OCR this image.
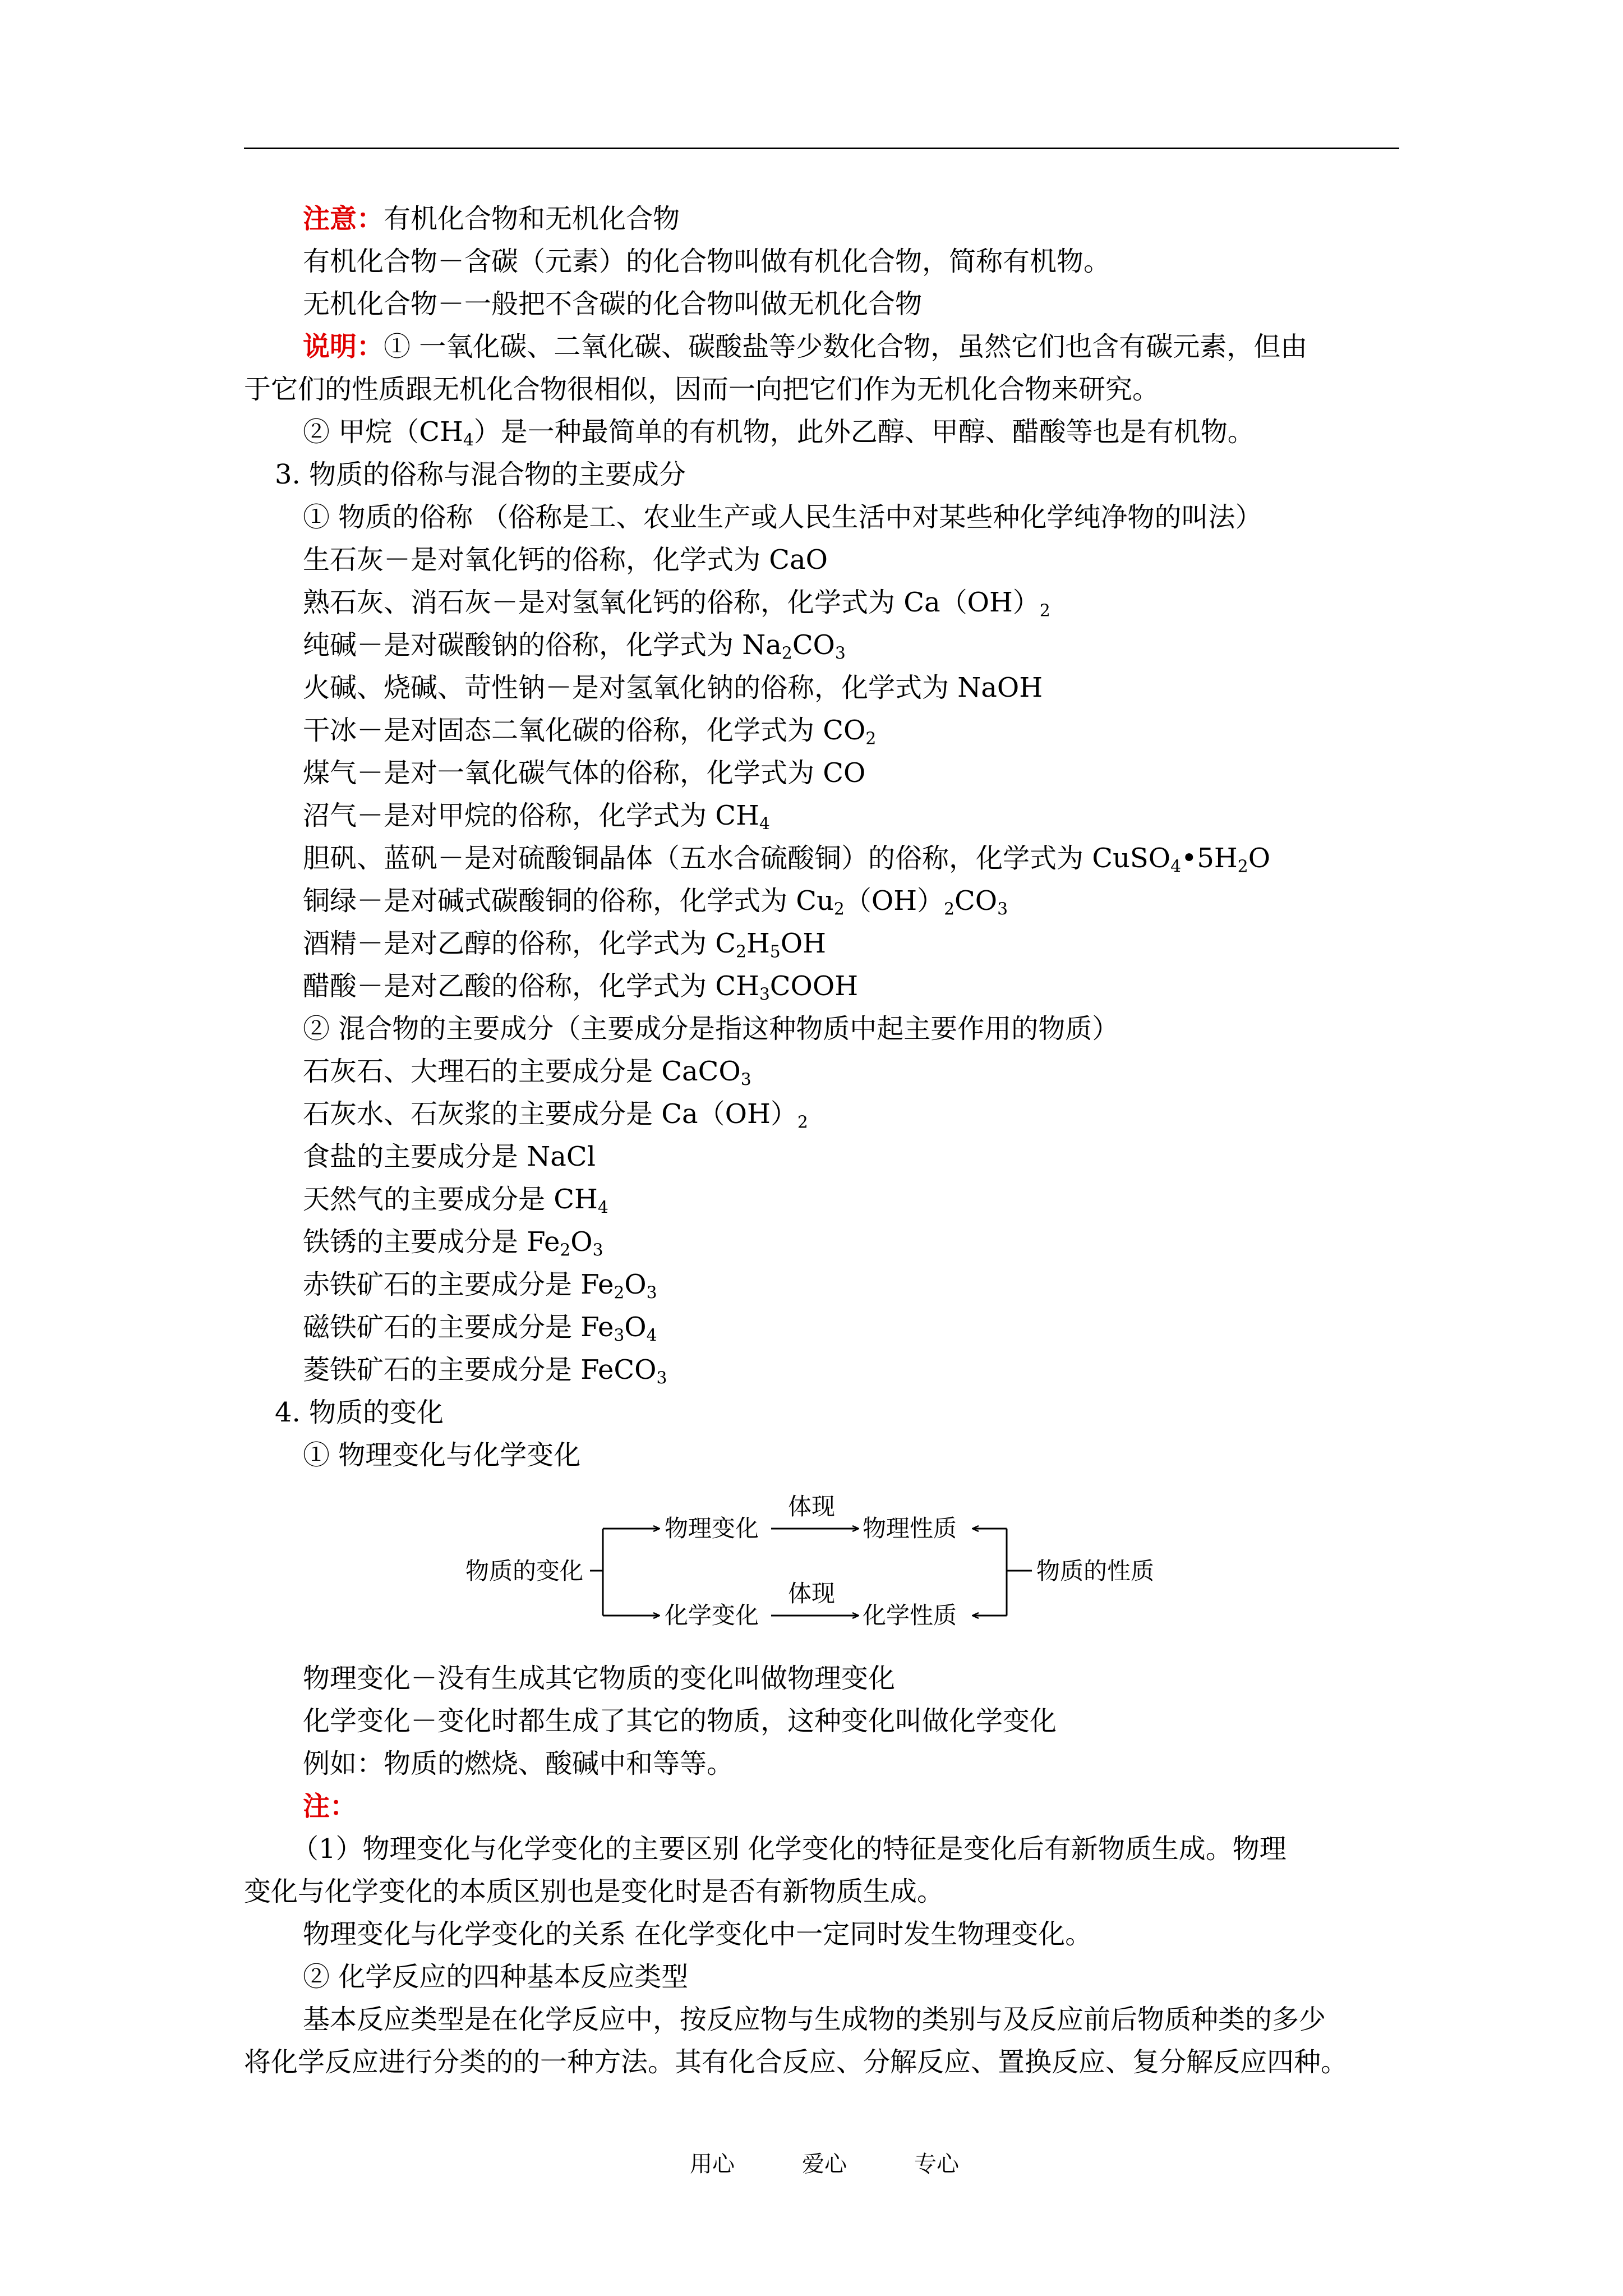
注意：有机化合物和无机化合物
有机化合物－含碳（元素）的化合物叫做有机化合物，简称有机物。
无机化合物－一般把不含碳的化合物叫做无机化合物
说明：① 一氧化碳、二氧化碳、碳酸盐等少数化合物，虽然它们也含有碳元素，但由
于它们的性质跟无机化合物很相似，因而一向把它们作为无机化合物来研究。
② 甲烷$(CH_4)$是一种最简单的有机物，此外乙醇、甲醇、醋酸等也是有机物。
3. 物质的俗称与混合物的主要成分
① 物质的俗称 （俗称是工、农业生产或人民生活中对某些种化学纯净物的叫法）
生石灰－是对氧化钙的俗称，化学式为 CaO
熟石灰、消石灰－是对氢氧化钙的俗称，化学式为 $Ca(OH)_2$
纯碱－是对碳酸钠的俗称，化学式为 $Na_2CO_3$
火碱、烧碱、苛性钠－是对氢氧化钠的俗称，化学式为 NaOH
干冰－是对固态二氧化碳的俗称，化学式为 $CO_2$
煤气－是对一氧化碳气体的俗称，化学式为 CO
沼气－是对甲烷的俗称，化学式为 $CH_4$
胆矾、蓝矾－是对硫酸铜晶体（五水合硫酸铜）的俗称，化学式为 $CuSO_4•5H_2O$
铜绿－是对碱式碳酸铜的俗称，化学式为 $Cu_2(OH)_2CO_3$
酒精－是对乙醇的俗称，化学式为 $C_2H_5OH$
醋酸－是对乙酸的俗称，化学式为 $CH_3COOH$
② 混合物的主要成分（主要成分是指这种物质中起主要作用的物质）
石灰石、大理石的主要成分是 CaCO$_3$
石灰水、石灰浆的主要成分是 $Ca(OH)_2$
食盐的主要成分是 NaCl
天然气的主要成分是 $CH_4$
铁锈的主要成分是 $Fe_2O_3$
赤铁矿石的主要成分是 $Fe_2O_3$
磁铁矿石的主要成分是 $Fe_3O_4$
菱铁矿石的主要成分是 FeCO$_3$
4. 物质的变化
① 物理变化与化学变化
物质的变化
物理变化
化学变化
体现
体现
物理性质
化学性质
物质的性质
物理变化－没有生成其它物质的变化叫做物理变化
化学变化－变化时都生成了其它的物质，这种变化叫做化学变化
例如：物质的燃烧、酸碱中和等等。
注：
（1）物理变化与化学变化的主要区别 化学变化的特征是变化后有新物质生成。物理
变化与化学变化的本质区别也是变化时是否有新物质生成。
物理变化与化学变化的关系 在化学变化中一定同时发生物理变化。
② 化学反应的四种基本反应类型
基本反应类型是在化学反应中，按反应物与生成物的类别与及反应前后物质种类的多少
将化学反应进行分类的的一种方法。其有化合反应、分解反应、置换反应、复分解反应四种。
用心	爱心	专心
